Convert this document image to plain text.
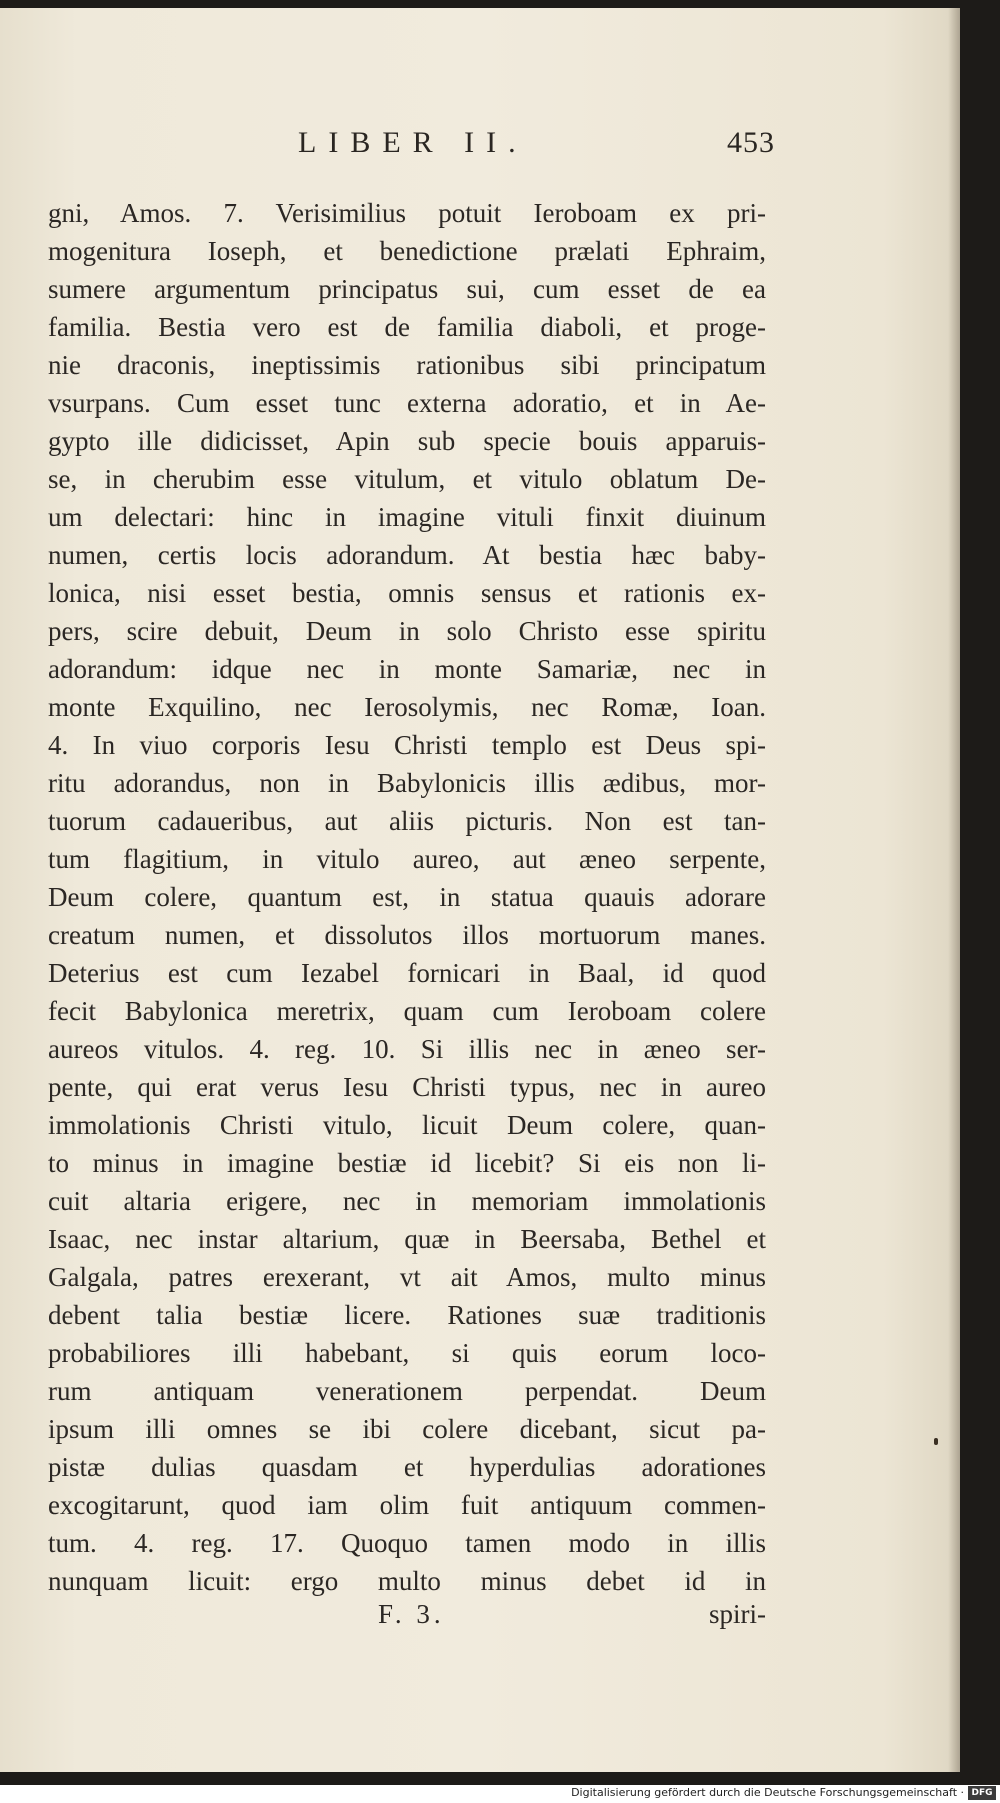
LIBER II.	453
gni, Amos. 7. Verisimilius potuit Ieroboam ex pri-
mogenitura Ioseph, et benedictione prælati Ephraim,
sumere argumentum principatus sui, cum esset de ea
familia. Bestia vero est de familia diaboli, et proge-
nie draconis, ineptissimis rationibus sibi principatum
vsurpans. Cum esset tunc externa adoratio, et in Ae-
gypto ille didicisset, Apin sub specie bouis apparuis-
se, in cherubim esse vitulum, et vitulo oblatum De-
um delectari: hinc in imagine vituli finxit diuinum
numen, certis locis adorandum. At bestia hæc baby-
lonica, nisi esset bestia, omnis sensus et rationis ex-
pers, scire debuit, Deum in solo Christo esse spiritu
adorandum: idque nec in monte Samariæ, nec in
monte Exquilino, nec Ierosolymis, nec Romæ, Ioan.
4. In viuo corporis Iesu Christi templo est Deus spi-
ritu adorandus, non in Babylonicis illis ædibus, mor-
tuorum cadaueribus, aut aliis picturis. Non est tan-
tum flagitium, in vitulo aureo, aut æneo serpente,
Deum colere, quantum est, in statua quauis adorare
creatum numen, et dissolutos illos mortuorum manes.
Deterius est cum Iezabel fornicari in Baal, id quod
fecit Babylonica meretrix, quam cum Ieroboam colere
aureos vitulos. 4. reg. 10. Si illis nec in æneo ser-
pente, qui erat verus Iesu Christi typus, nec in aureo
immolationis Christi vitulo, licuit Deum colere, quan-
to minus in imagine bestiæ id licebit? Si eis non li-
cuit altaria erigere, nec in memoriam immolationis
Isaac, nec instar altarium, quæ in Beersaba, Bethel et
Galgala, patres erexerant, vt ait Amos, multo minus
debent talia bestiæ licere. Rationes suæ traditionis
probabiliores illi habebant, si quis eorum loco-
rum antiquam venerationem perpendat. Deum
ipsum illi omnes se ibi colere dicebant, sicut pa-
pistæ dulias quasdam et hyperdulias adorationes
excogitarunt, quod iam olim fuit antiquum commen-
tum. 4. reg. 17. Quoquo tamen modo in illis
nunquam licuit: ergo multo minus debet id in
F. 3.	spiri-
Digitalisierung gefördert durch die Deutsche Forschungsgemeinschaft · DFG
